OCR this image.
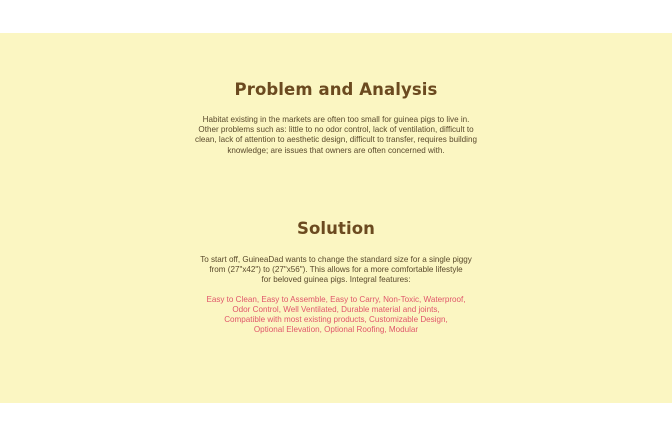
Problem and Analysis

Habitat existing in the markets are often too small for guinea pigs to live in.
Other problems such as: little to no odor control, lack of ventilation, difficult to
clean, lack of attention to aesthetic design, difficult to transfer, requires building
knowledge; are issues that owners are often concerned with.

Solution

To start off, GuineaDad wants to change the standard size for a single piggy
from (27"x42") to (27"x56"). This allows for a more comfortable lifestyle
for beloved guinea pigs. Integral features:

Easy to Clean, Easy to Assemble, Easy to Carry, Non-Toxic, Waterproof,
Odor Control, Well Ventilated, Durable material and joints,
Compatible with most existing products, Customizable Design,
Optional Elevation, Optional Roofing, Modular
